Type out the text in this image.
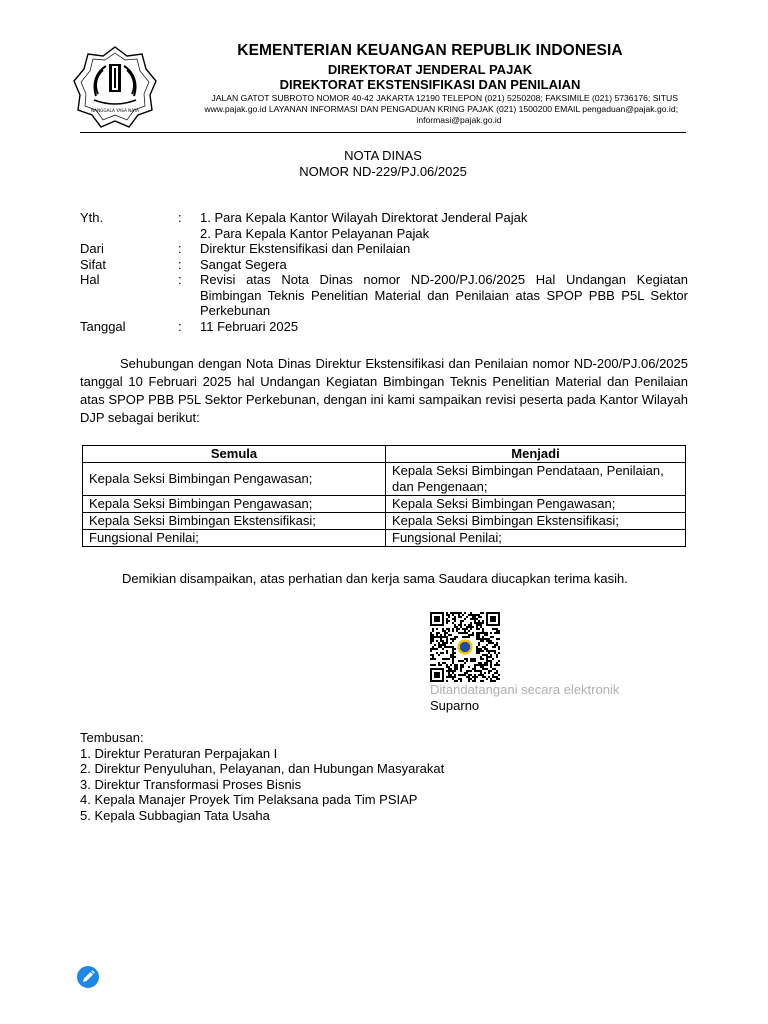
NANGGALA YASA NAYA
KEMENTERIAN KEUANGAN REPUBLIK INDONESIA
DIREKTORAT JENDERAL PAJAK
DIREKTORAT EKSTENSIFIKASI DAN PENILAIAN
JALAN GATOT SUBROTO NOMOR 40-42 JAKARTA 12190 TELEPON (021) 5250208; FAKSIMILE (021) 5736176; SITUS
www.pajak.go.id LAYANAN INFORMASI DAN PENGADUAN KRING PAJAK (021) 1500200 EMAIL pengaduan@pajak.go.id;
informasi@pajak.go.id
NOTA DINAS
NOMOR ND-229/PJ.06/2025
Yth.	:	1. Para Kepala Kantor Wilayah Direktorat Jenderal Pajak
2. Para Kepala Kantor Pelayanan Pajak
Dari	:	Direktur Ekstensifikasi dan Penilaian
Sifat	:	Sangat Segera
Hal	:	Revisi atas Nota Dinas nomor ND-200/PJ.06/2025 Hal Undangan Kegiatan Bimbingan Teknis Penelitian Material dan Penilaian atas SPOP PBB P5L Sektor Perkebunan
Tanggal	:	11 Februari 2025
Sehubungan dengan Nota Dinas Direktur Ekstensifikasi dan Penilaian nomor ND-200/PJ.06/2025 tanggal 10 Februari 2025 hal Undangan Kegiatan Bimbingan Teknis Penelitian Material dan Penilaian atas SPOP PBB P5L Sektor Perkebunan, dengan ini kami sampaikan revisi peserta pada Kantor Wilayah DJP sebagai berikut:
Semula	Menjadi
Kepala Seksi Bimbingan Pengawasan;	Kepala Seksi Bimbingan Pendataan, Penilaian, dan Pengenaan;
Kepala Seksi Bimbingan Pengawasan;	Kepala Seksi Bimbingan Pengawasan;
Kepala Seksi Bimbingan Ekstensifikasi;	Kepala Seksi Bimbingan Ekstensifikasi;
Fungsional Penilai;	Fungsional Penilai;
Demikian disampaikan, atas perhatian dan kerja sama Saudara diucapkan terima kasih.
Ditandatangani secara elektronik
Suparno
Tembusan:
1. Direktur Peraturan Perpajakan I
2. Direktur Penyuluhan, Pelayanan, dan Hubungan Masyarakat
3. Direktur Transformasi Proses Bisnis
4. Kepala Manajer Proyek Tim Pelaksana pada Tim PSIAP
5. Kepala Subbagian Tata Usaha
